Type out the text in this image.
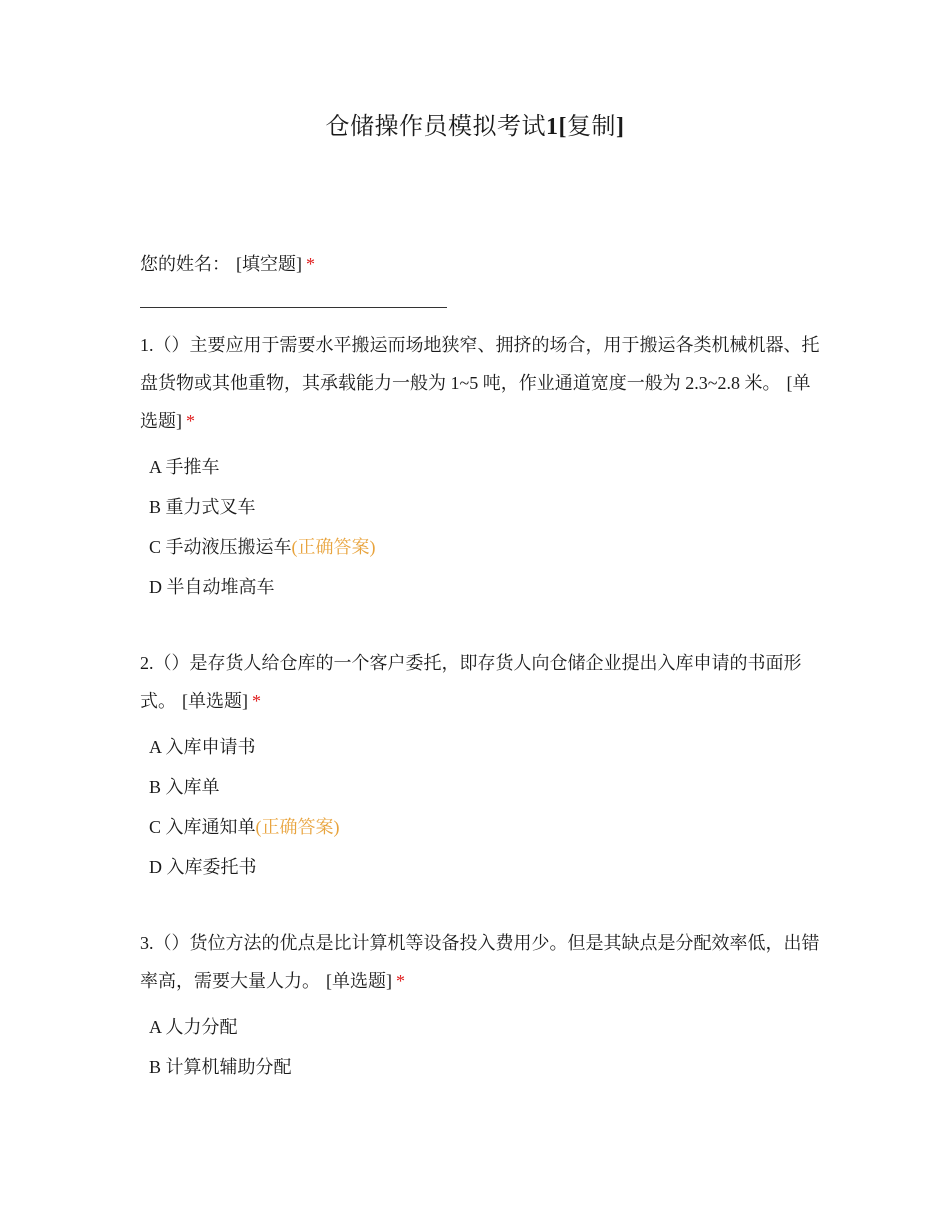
仓储操作员模拟考试1[复制]
您的姓名： [填空题] *
1.（）主要应用于需要水平搬运而场地狭窄、拥挤的场合，用于搬运各类机械机器、托盘货物或其他重物，其承载能力一般为 1~5 吨，作业通道宽度一般为 2.3~2.8 米。 [单选题] *
A 手推车
B 重力式叉车
C 手动液压搬运车(正确答案)
D 半自动堆高车
2.（）是存货人给仓库的一个客户委托，即存货人向仓储企业提出入库申请的书面形式。 [单选题] *
A 入库申请书
B 入库单
C 入库通知单(正确答案)
D 入库委托书
3.（）货位方法的优点是比计算机等设备投入费用少。但是其缺点是分配效率低，出错率高，需要大量人力。 [单选题] *
A 人力分配
B 计算机辅助分配
